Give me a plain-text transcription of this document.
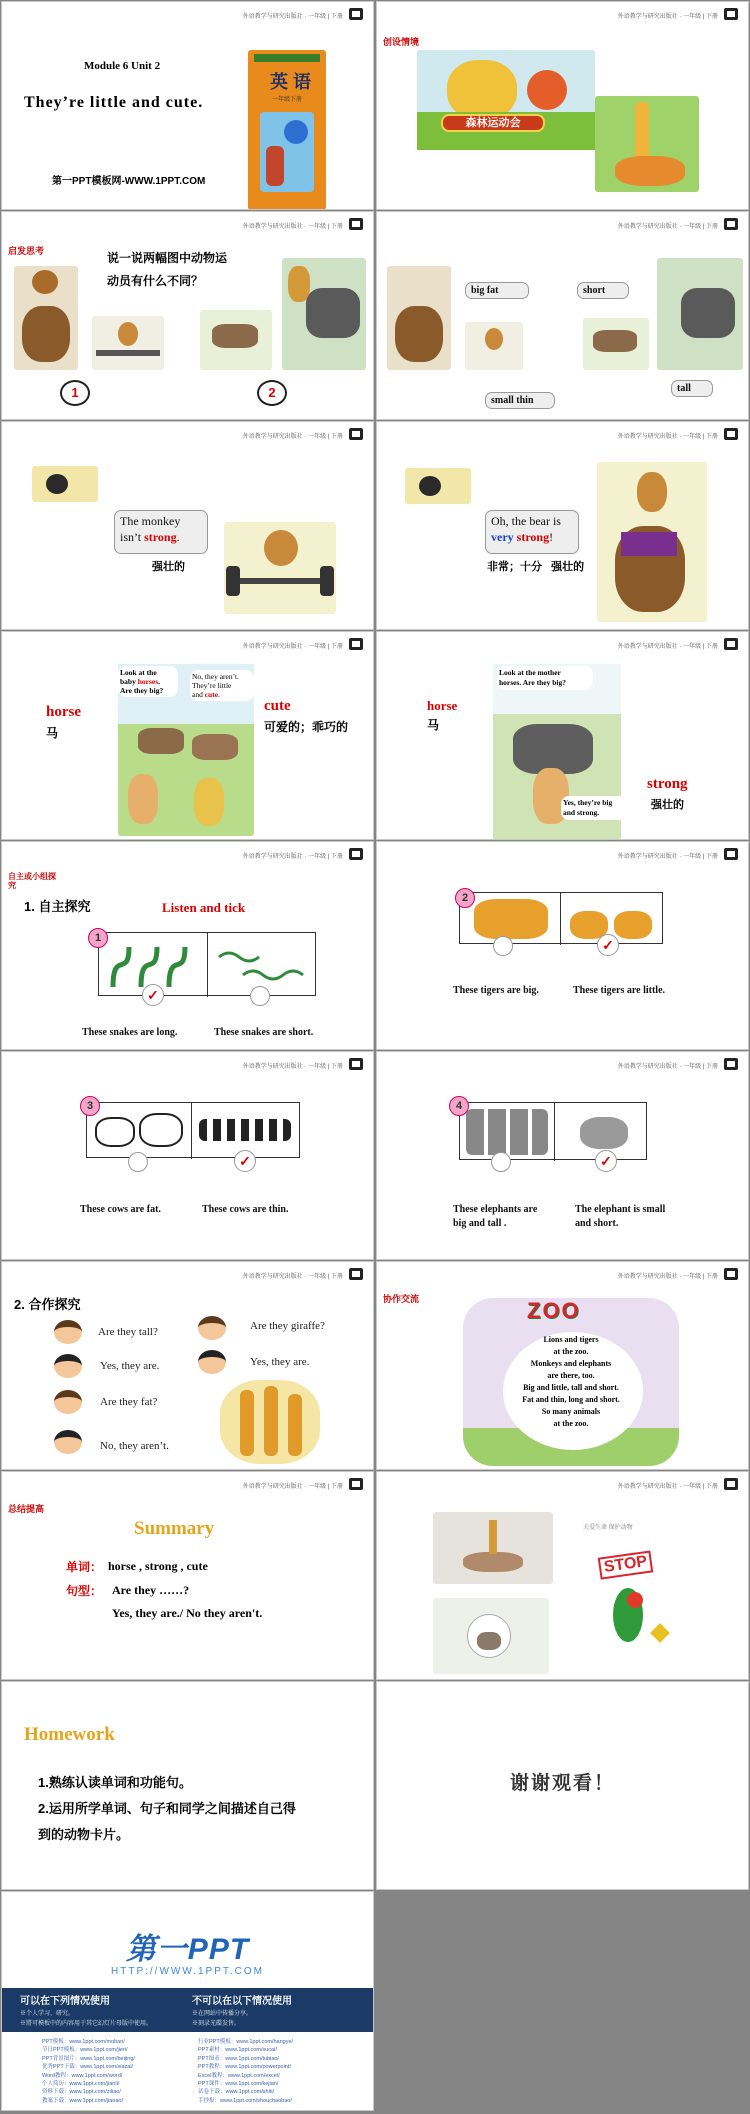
外语教学与研究出版社 · 一年级 | 下册
Module 6 Unit 2
They’re little and cute.
第一PPT模板网-WWW.1PPT.COM
英 语
一年级下册
外语教学与研究出版社 · 一年级 | 下册
创设情境
森林运动会
外语教学与研究出版社 · 一年级 | 下册
启发思考	说一说两幅图中动物运
动员有什么不同？
1	2
外语教学与研究出版社 · 一年级 | 下册
big fat	short
small thin
tall
外语教学与研究出版社 · 一年级 | 下册
The monkey
isn’t strong.
强壮的
外语教学与研究出版社 · 一年级 | 下册
Oh, the bear is
very strong!
非常；十分   强壮的
外语教学与研究出版社 · 一年级 | 下册
horse
马
Look at the
baby horses.
Are they big?
No, they aren’t.
They’re little
and cute.
cute
可爱的；乖巧的
外语教学与研究出版社 · 一年级 | 下册
horse
马
Look at the mother
horses. Are they big?
Yes, they’re big
and strong.
strong
强壮的
外语教学与研究出版社 · 一年级 | 下册
自主或小组探
究
1. 自主探究	Listen and tick
1
✓
These snakes are long.	These snakes are short.
外语教学与研究出版社 · 一年级 | 下册
2
✓
These tigers are big.	These tigers are little.
外语教学与研究出版社 · 一年级 | 下册
3
✓
These cows are fat.	These cows are thin.
外语教学与研究出版社 · 一年级 | 下册
4
✓
These elephants are
big and tall .
The elephant is small
and short.
外语教学与研究出版社 · 一年级 | 下册
2. 合作探究
Are they tall?
Yes, they are.
Are they fat?
No, they aren’t.
Are they giraffe?
Yes, they are.
外语教学与研究出版社 · 一年级 | 下册
协作交流	ZOO
Lions and tigers
at the zoo.
Monkeys and elephants
are there, too.
Big and little, tall and short.
Fat and thin, long and short.
So many animals
at the zoo.
外语教学与研究出版社 · 一年级 | 下册
总结提高
Summary
单词： horse , strong , cute
句型： Are they ……?
Yes, they are./ No they aren't.
外语教学与研究出版社 · 一年级 | 下册
关爱生命 保护动物
STOP
Homework
1.熟练认读单词和功能句。
2.运用所学单词、句子和同学之间描述自己得
到的动物卡片。
谢谢观看！
第一PPT
HTTP://WWW.1PPT.COM
可以在下列情况使用
※个人学习、研究。
※將可模板中的内容用于其它幻灯片母版中使用。
不可以在以下情况使用
※在网站中传播分享。
※刻录光碟发售。
PPT模板：www.1ppt.com/moban/
节日PPT模板：www.1ppt.com/jieri/
PPT背景图片：www.1ppt.com/beijing/
优秀PPT下载：www.1ppt.com/xiazai/
Word教程：www.1ppt.com/word/
个人简历：www.1ppt.com/jianli/
资料下载：www.1ppt.com/ziliao/
教案下载：www.1ppt.com/jiaoan/
行业PPT模板：www.1ppt.com/hangye/
PPT素材：www.1ppt.com/sucai/
PPT图表：www.1ppt.com/tubiao/
PPT教程：www.1ppt.com/powerpoint/
Excel教程：www.1ppt.com/excel/
PPT课件：www.1ppt.com/kejian/
试卷下载：www.1ppt.com/shiti/
手抄报：www.1ppt.com/shouchaobao/
